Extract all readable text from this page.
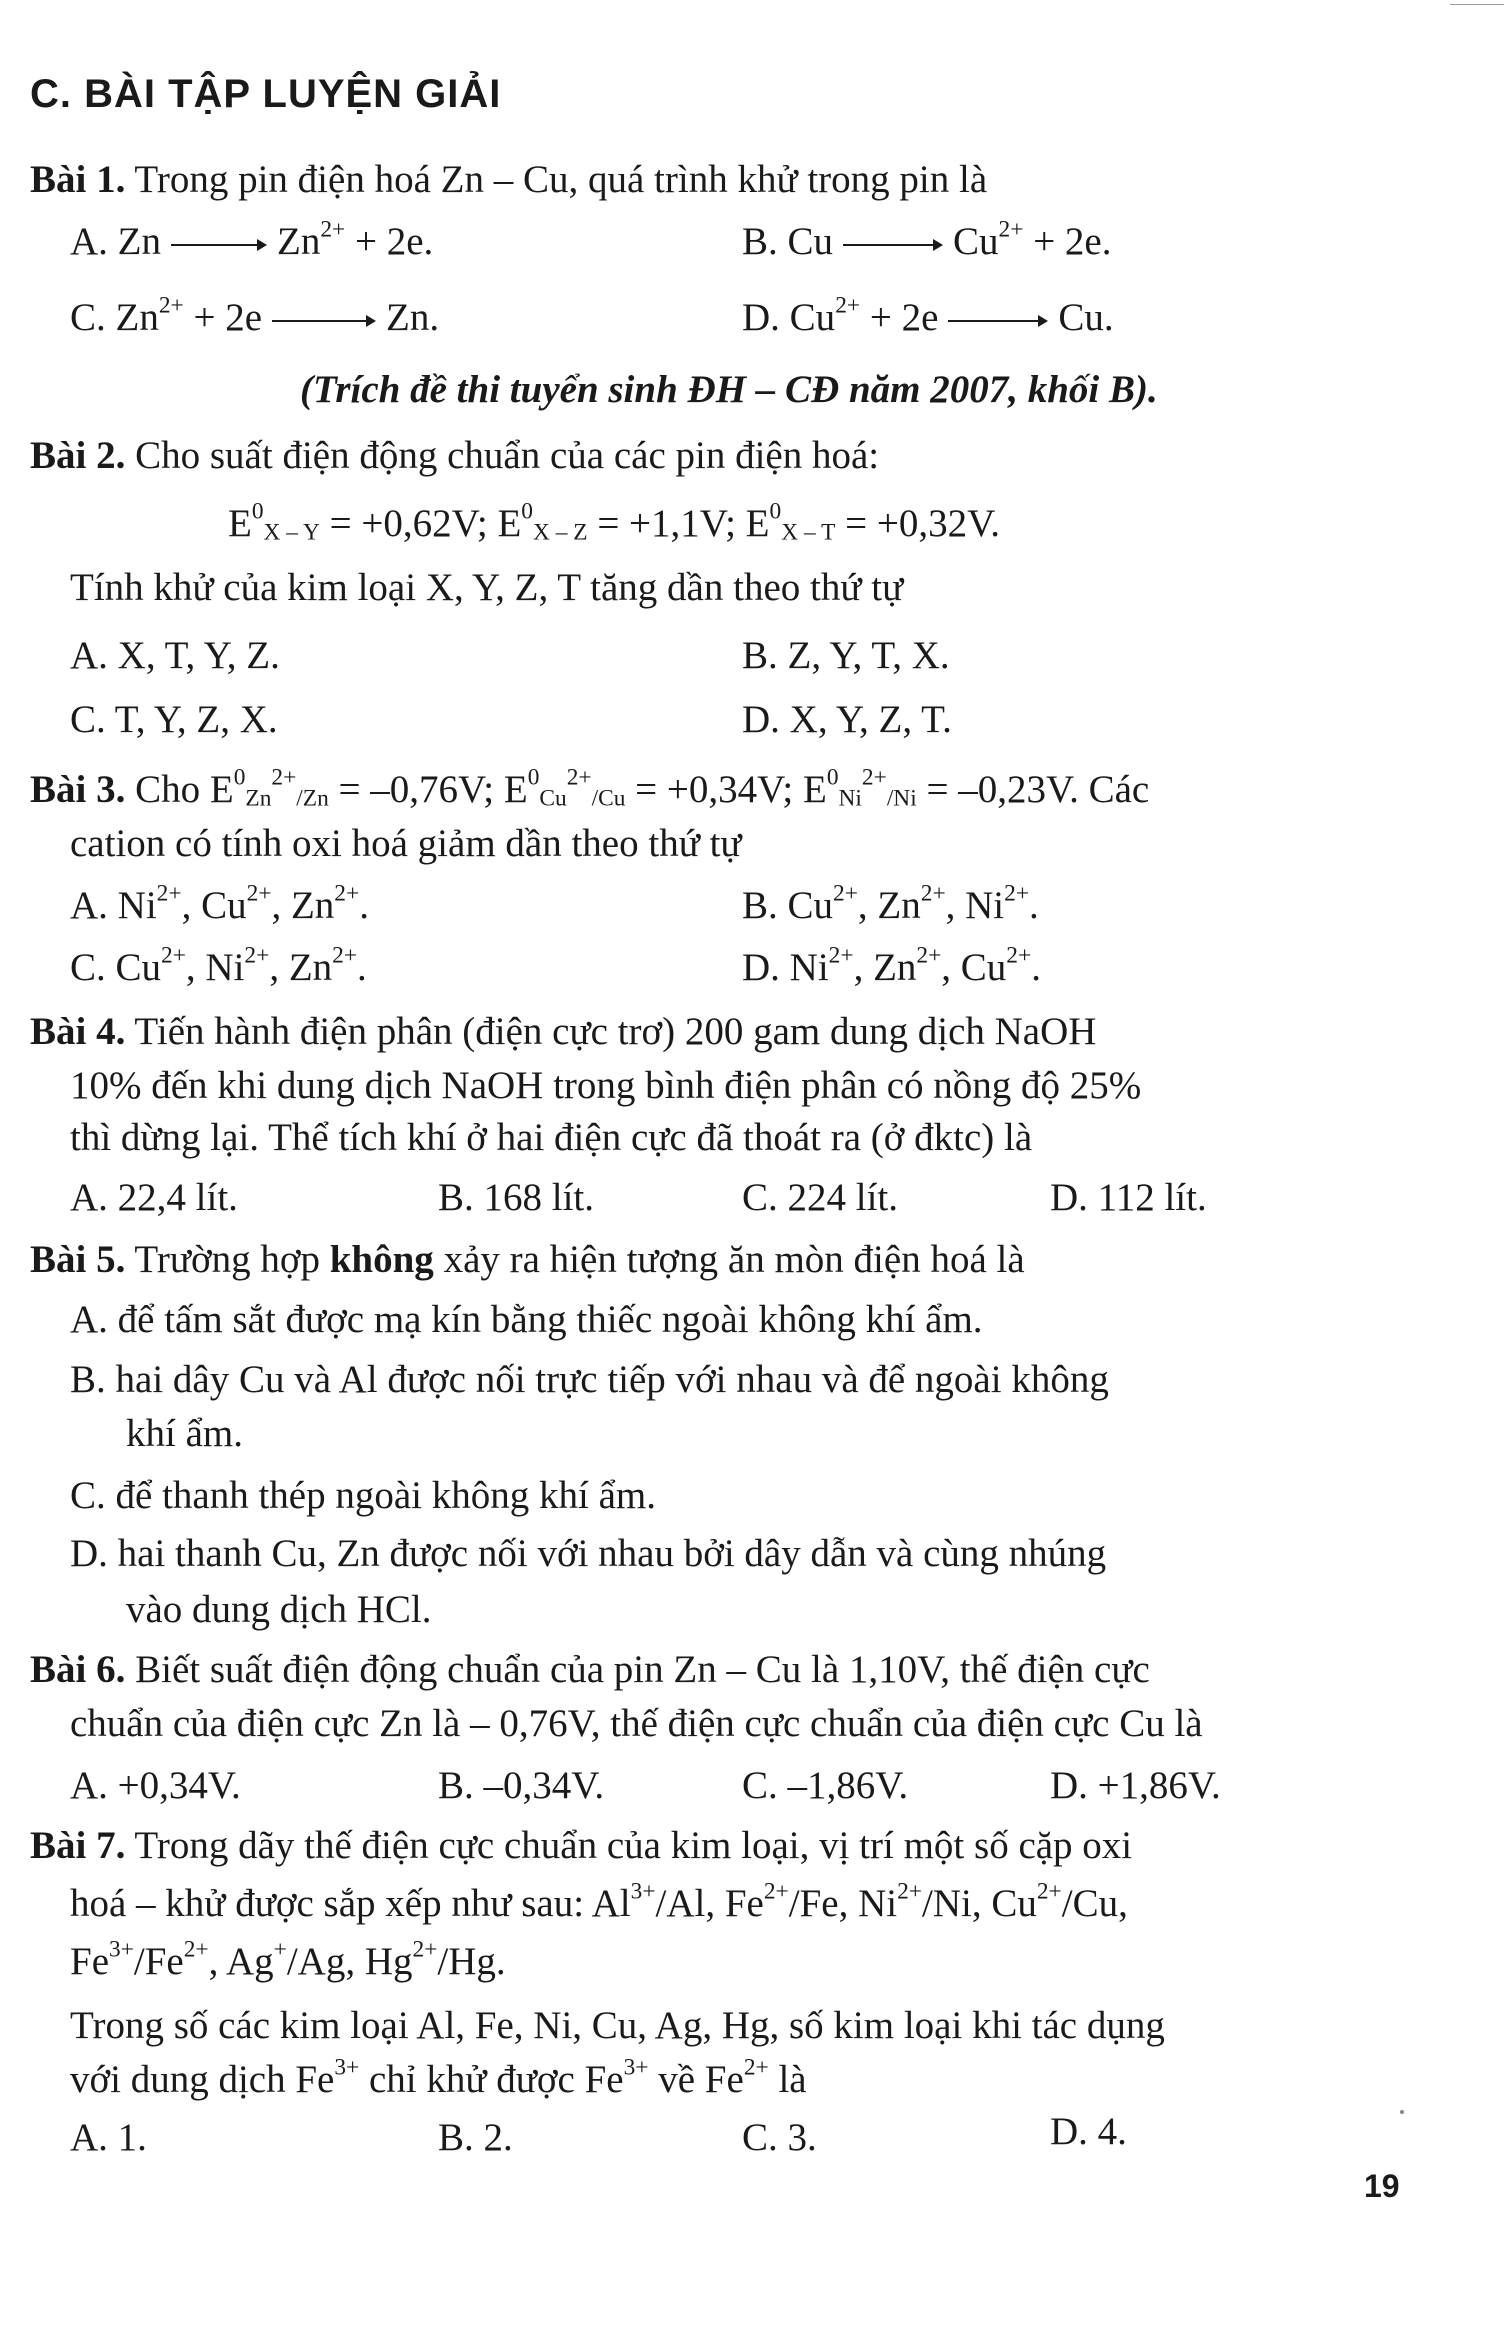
C. BÀI TẬP LUYỆN GIẢI
Bài 1. Trong pin điện hoá Zn – Cu, quá trình khử trong pin là
A. Zn	$Zn^{2+} + 2e$.	B. Cu	$Cu^{2+} + 2e$.
C. $Zn^{2+} + 2e$	Zn.	D. $Cu^{2+} + 2e$	Cu.
(Trích đề thi tuyển sinh ĐH – CĐ năm 2007, khối B).
Bài 2. Cho suất điện động chuẩn của các pin điện hoá:
$E^0_{X - Y} = +0,62V$; $E^0_{X - Z} = +1,1V$; $E^0_{X - T} = +0,32V$.
Tính khử của kim loại X, Y, Z, T tăng dần theo thứ tự
A. X, T, Y, Z.	B. Z, Y, T, X.
C. T, Y, Z, X.	D. X, Y, Z, T.
Bài 3. Cho $E^0_{Zn}^{2+}_{/Zn} = -0,76V$; $E^0_{Cu}^{2+}_{/Cu} = +0,34V$; $E^0_{Ni}^{2+}_{/Ni} = -0,23V$. Các
cation có tính oxi hoá giảm dần theo thứ tự
A. $Ni^{2+}$, $Cu^{2+}$, $Zn^{2+}$.	B. $Cu^{2+}$, $Zn^{2+}$, $Ni^{2+}$.
C. $Cu^{2+}$, $Ni^{2+}$, $Zn^{2+}$.	D. $Ni^{2+}$, $Zn^{2+}$, $Cu^{2+}$.
Bài 4. Tiến hành điện phân (điện cực trơ) 200 gam dung dịch NaOH
10% đến khi dung dịch NaOH trong bình điện phân có nồng độ 25%
thì dừng lại. Thể tích khí ở hai điện cực đã thoát ra (ở đktc) là
A. 22,4 lít.	B. 168 lít.	C. 224 lít.	D. 112 lít.
Bài 5. Trường hợp không xảy ra hiện tượng ăn mòn điện hoá là
A. để tấm sắt được mạ kín bằng thiếc ngoài không khí ẩm.
B. hai dây Cu và Al được nối trực tiếp với nhau và để ngoài không
khí ẩm.
C. để thanh thép ngoài không khí ẩm.
D. hai thanh Cu, Zn được nối với nhau bởi dây dẫn và cùng nhúng
vào dung dịch HCl.
Bài 6. Biết suất điện động chuẩn của pin Zn – Cu là 1,10V, thế điện cực
chuẩn của điện cực Zn là – 0,76V, thế điện cực chuẩn của điện cực Cu là
A. +0,34V.	B. –0,34V.	C. –1,86V.	D. +1,86V.
Bài 7. Trong dãy thế điện cực chuẩn của kim loại, vị trí một số cặp oxi
hoá – khử được sắp xếp như sau: $Al^{3+}/Al$, $Fe^{2+}/Fe$, $Ni^{2+}/Ni$, $Cu^{2+}/Cu$,
$Fe^{3+}/Fe^{2+}$, Ag+/Ag, $Hg^{2+}/Hg$.
Trong số các kim loại Al, Fe, Ni, Cu, Ag, Hg, số kim loại khi tác dụng
với dung dịch $Fe^{3+}$ chỉ khử được $Fe^{3+}$ về $Fe^{2+}$ là
A. 1.	B. 2.	C. 3.	D. 4.
19
